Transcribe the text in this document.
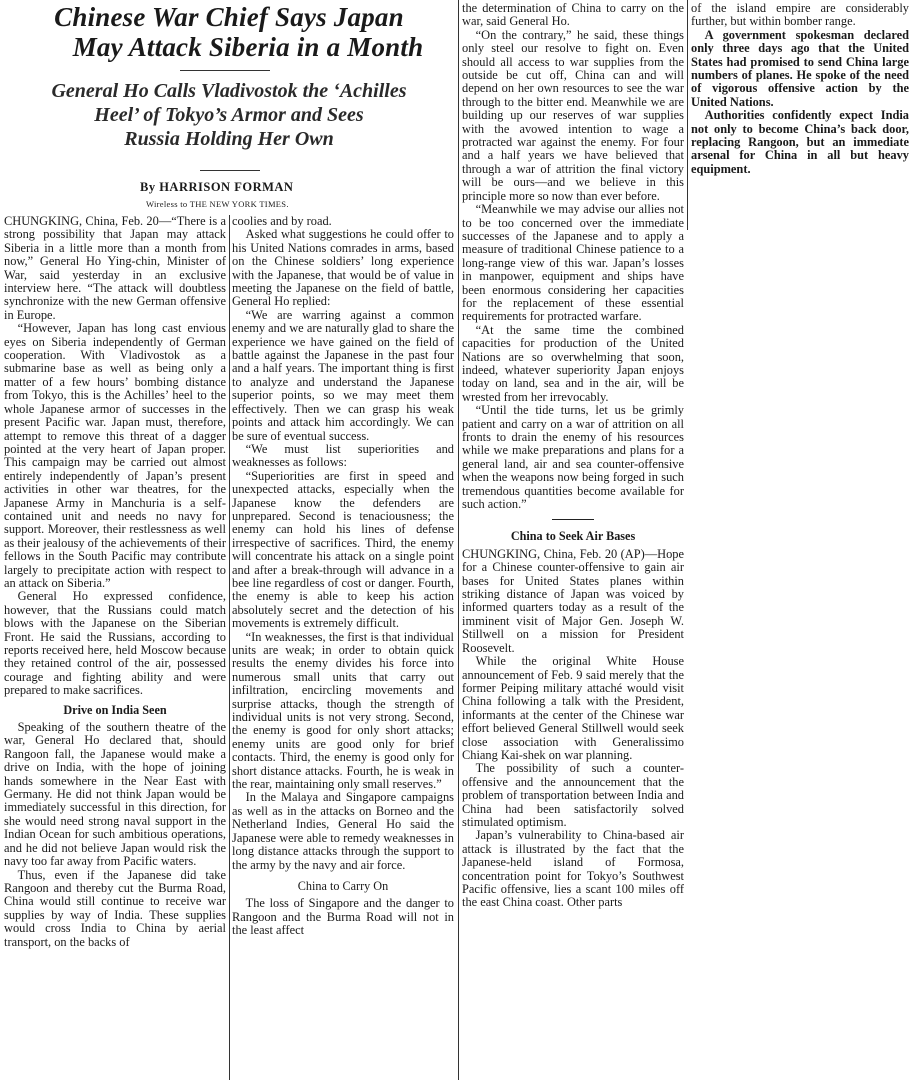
Chinese War Chief Says Japan

May Attack Siberia in a Month
General Ho Calls Vladivostok the ‘Achilles
Heel’ of Tokyo’s Armor and Sees
Russia Holding Her Own
By HARRISON FORMAN
Wireless to THE NEW YORK TIMES.

CHUNGKING, China, Feb. 20—“There is a strong possibility that Japan may attack Siberia in a little more than a month from now,” General Ho Ying-chin, Minister of War, said yesterday in an exclusive interview here. “The attack will doubtless synchronize with the new German offensive in Europe.

“However, Japan has long cast envious eyes on Siberia independently of German cooperation. With Vladivostok as a submarine base as well as being only a matter of a few hours’ bombing distance from Tokyo, this is the Achilles’ heel to the whole Japanese armor of successes in the present Pacific war. Japan must, therefore, attempt to remove this threat of a dagger pointed at the very heart of Japan proper. This campaign may be carried out almost entirely independently of Japan’s present activities in other war theatres, for the Japanese Army in Manchuria is a self-contained unit and needs no navy for support. Moreover, their restlessness as well as their jealousy of the achievements of their fellows in the South Pacific may contribute largely to precipitate action with respect to an attack on Siberia.”

General Ho expressed confidence, however, that the Russians could match blows with the Japanese on the Siberian Front. He said the Russians, according to reports received here, held Moscow because they retained control of the air, possessed courage and fighting ability and were prepared to make sacrifices.

Drive on India Seen

Speaking of the southern theatre of the war, General Ho declared that, should Rangoon fall, the Japanese would make a drive on India, with the hope of joining hands somewhere in the Near East with Germany. He did not think Japan would be immediately successful in this direction, for she would need strong naval support in the Indian Ocean for such ambitious operations, and he did not believe Japan would risk the navy too far away from Pacific waters.

Thus, even if the Japanese did take Rangoon and thereby cut the Burma Road, China would still continue to receive war supplies by way of India. These supplies would cross India to China by aerial transport, on the backs of

coolies and by road.

Asked what suggestions he could offer to his United Nations comrades in arms, based on the Chinese soldiers’ long experience with the Japanese, that would be of value in meeting the Japanese on the field of battle, General Ho replied:

“We are warring against a common enemy and we are naturally glad to share the experience we have gained on the field of battle against the Japanese in the past four and a half years. The important thing is first to analyze and understand the Japanese superior points, so we may meet them effectively. Then we can grasp his weak points and attack him accordingly. We can be sure of eventual success.

“We must list superiorities and weaknesses as follows:

“Superiorities are first in speed and unexpected attacks, especially when the Japanese know the defenders are unprepared. Second is tenaciousness; the enemy can hold his lines of defense irrespective of sacrifices. Third, the enemy will concentrate his attack on a single point and after a break-through will advance in a bee line regardless of cost or danger. Fourth, the enemy is able to keep his action absolutely secret and the detection of his movements is extremely difficult.

“In weaknesses, the first is that individual units are weak; in order to obtain quick results the enemy divides his force into numerous small units that carry out infiltration, encircling movements and surprise attacks, though the strength of individual units is not very strong. Second, the enemy is good for only short attacks; enemy units are good only for brief contacts. Third, the enemy is good only for short distance attacks. Fourth, he is weak in the rear, maintaining only small reserves.”

In the Malaya and Singapore campaigns as well as in the attacks on Borneo and the Netherland Indies, General Ho said the Japanese were able to remedy weaknesses in long distance attacks through the support to the army by the navy and air force.

China to Carry On

The loss of Singapore and the danger to Rangoon and the Burma Road will not in the least affect

the determination of China to carry on the war, said General Ho.

“On the contrary,” he said, these things only steel our resolve to fight on. Even should all access to war supplies from the outside be cut off, China can and will depend on her own resources to see the war through to the bitter end. Meanwhile we are building up our reserves of war supplies with the avowed intention to wage a protracted war against the enemy. For four and a half years we have believed that through a war of attrition the final victory will be ours—and we believe in this principle more so now than ever before.

“Meanwhile we may advise our allies not to be too concerned over the immediate successes of the Japanese and to apply a measure of traditional Chinese patience to a long-range view of this war. Japan’s losses in manpower, equipment and ships have been enormous considering her capacities for the replacement of these essential requirements for protracted warfare.

“At the same time the combined capacities for production of the United Nations are so overwhelming that soon, indeed, whatever superiority Japan enjoys today on land, sea and in the air, will be wrested from her irrevocably.

“Until the tide turns, let us be grimly patient and carry on a war of attrition on all fronts to drain the enemy of his resources while we make preparations and plans for a general land, air and sea counter-offensive when the weapons now being forged in such tremendous quantities become available for such action.”

China to Seek Air Bases

CHUNGKING, China, Feb. 20 (AP)—Hope for a Chinese counter-offensive to gain air bases for United States planes within striking distance of Japan was voiced by informed quarters today as a result of the imminent visit of Major Gen. Joseph W. Stillwell on a mission for President Roosevelt.

While the original White House announcement of Feb. 9 said merely that the former Peiping military attaché would visit China following a talk with the President, informants at the center of the Chinese war effort believed General Stillwell would seek close association with Generalissimo Chiang Kai-shek on war planning.

The possibility of such a counter-offensive and the announcement that the problem of transportation between India and China had been satisfactorily solved stimulated optimism.

Japan’s vulnerability to China-based air attack is illustrated by the fact that the Japanese-held island of Formosa, concentration point for Tokyo’s Southwest Pacific offensive, lies a scant 100 miles off the east China coast. Other parts

of the island empire are considerably further, but within bomber range.

A government spokesman declared only three days ago that the United States had promised to send China large numbers of planes. He spoke of the need of vigorous offensive action by the United Nations.

Authorities confidently expect India not only to become China’s back door, replacing Rangoon, but an immediate arsenal for China in all but heavy equipment.
